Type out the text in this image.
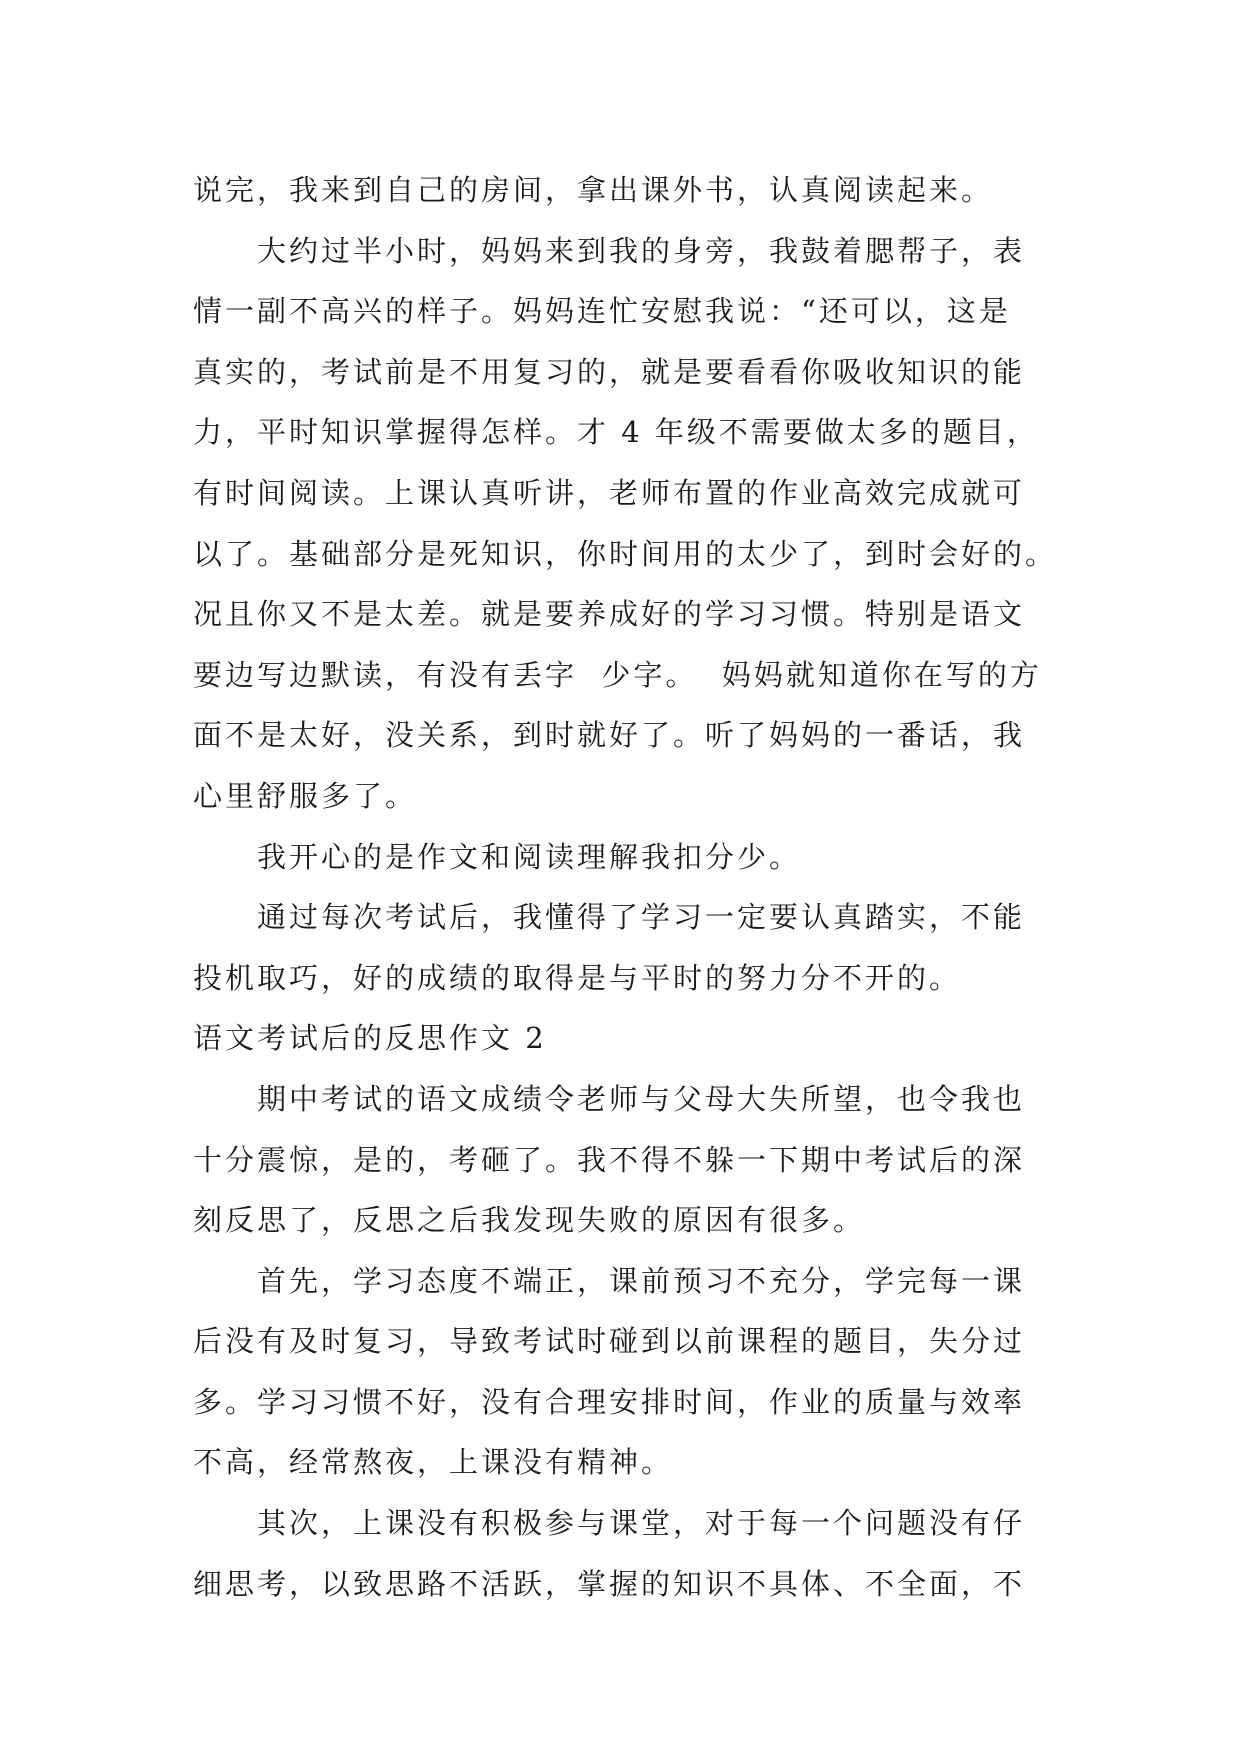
说完，我来到自己的房间，拿出课外书，认真阅读起来。
大约过半小时，妈妈来到我的身旁，我鼓着腮帮子，表
情一副不高兴的样子。妈妈连忙安慰我说：“还可以，这是
真实的，考试前是不用复习的，就是要看看你吸收知识的能
力，平时知识掌握得怎样。才 4 年级不需要做太多的题目，
有时间阅读。上课认真听讲，老师布置的作业高效完成就可
以了。基础部分是死知识，你时间用的太少了，到时会好的。
况且你又不是太差。就是要养成好的学习习惯。特别是语文
要边写边默读，有没有丢字  少字。  妈妈就知道你在写的方
面不是太好，没关系，到时就好了。听了妈妈的一番话，我
心里舒服多了。
我开心的是作文和阅读理解我扣分少。
通过每次考试后，我懂得了学习一定要认真踏实，不能
投机取巧，好的成绩的取得是与平时的努力分不开的。
语文考试后的反思作文 2
期中考试的语文成绩令老师与父母大失所望，也令我也
十分震惊，是的，考砸了。我不得不躲一下期中考试后的深
刻反思了，反思之后我发现失败的原因有很多。
首先，学习态度不端正，课前预习不充分，学完每一课
后没有及时复习，导致考试时碰到以前课程的题目，失分过
多。学习习惯不好，没有合理安排时间，作业的质量与效率
不高，经常熬夜，上课没有精神。
其次，上课没有积极参与课堂，对于每一个问题没有仔
细思考，以致思路不活跃，掌握的知识不具体、不全面，不
